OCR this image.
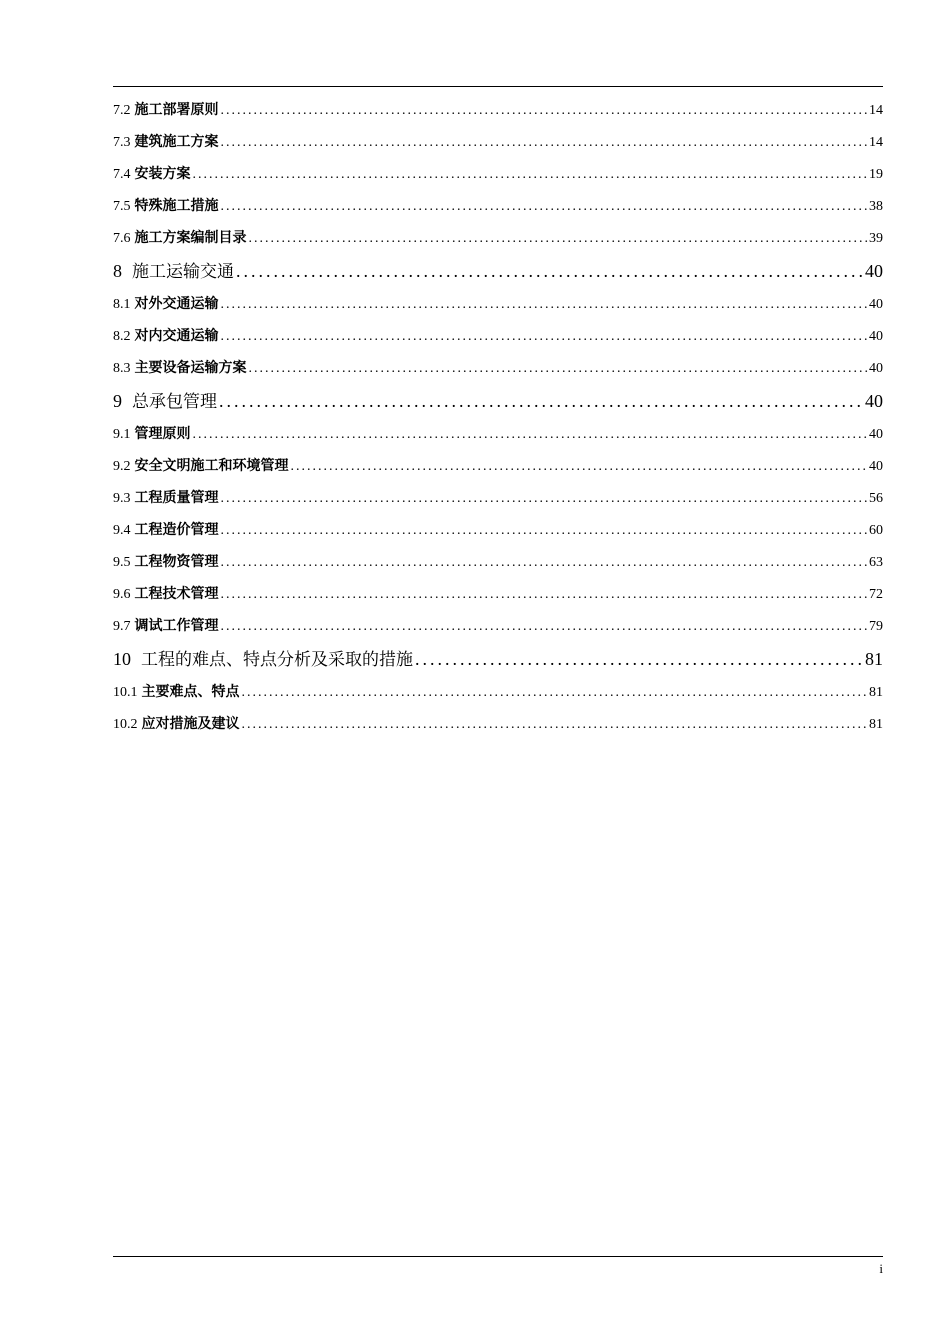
7.2 施工部署原则 .....	14
7.3 建筑施工方案 .....	14
7.4 安装方案 .....	19
7.5 特殊施工措施 .....	38
7.6 施工方案编制目录 .....	39
8 施工运输交通 .....	40
8.1 对外交通运输 .....	40
8.2 对内交通运输 .....	40
8.3 主要设备运输方案 .....	40
9 总承包管理 .....	40
9.1 管理原则 .....	40
9.2 安全文明施工和环境管理 .....	40
9.3 工程质量管理 .....	56
9.4 工程造价管理 .....	60
9.5 工程物资管理 .....	63
9.6 工程技术管理 .....	72
9.7 调试工作管理 .....	79
10 工程的难点、特点分析及采取的措施 .....	81
10.1 主要难点、特点 .....	81
10.2 应对措施及建议 .....	81
i
